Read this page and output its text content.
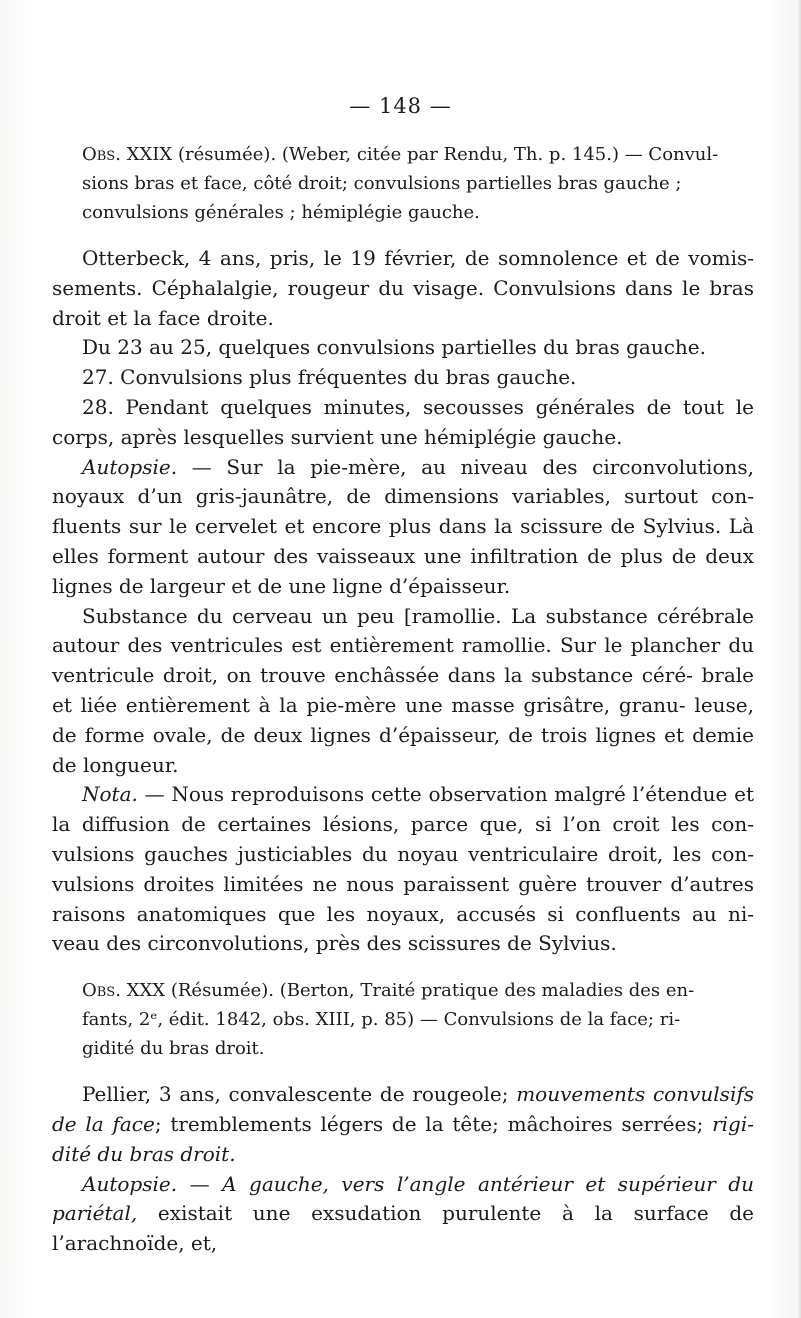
— 148 —
Obs. XXIX (résumée). (Weber, citée par Rendu, Th. p. 145.) — Convul-
sions bras et face, côté droit; convulsions partielles bras gauche ;
convulsions générales ; hémiplégie gauche.

Otterbeck, 4 ans, pris, le 19 février, de somnolence et de vomis- sements. Céphalalgie, rougeur du visage. Convulsions dans le bras droit et la face droite.

Du 23 au 25, quelques convulsions partielles du bras gauche.

27. Convulsions plus fréquentes du bras gauche.

28. Pendant quelques minutes, secousses générales de tout le corps, après lesquelles survient une hémiplégie gauche.

Autopsie. — Sur la pie-mère, au niveau des circonvolutions, noyaux d’un gris-jaunâtre, de dimensions variables, surtout con- fluents sur le cervelet et encore plus dans la scissure de Sylvius. Là elles forment autour des vaisseaux une infiltration de plus de deux lignes de largeur et de une ligne d’épaisseur.

Substance du cerveau un peu [ramollie. La substance cérébrale autour des ventricules est entièrement ramollie. Sur le plancher du ventricule droit, on trouve enchâssée dans la substance céré- brale et liée entièrement à la pie-mère une masse grisâtre, granu- leuse, de forme ovale, de deux lignes d’épaisseur, de trois lignes et demie de longueur.

Nota. — Nous reproduisons cette observation malgré l’étendue et la diffusion de certaines lésions, parce que, si l’on croit les con- vulsions gauches justiciables du noyau ventriculaire droit, les con- vulsions droites limitées ne nous paraissent guère trouver d’autres raisons anatomiques que les noyaux, accusés si confluents au ni- veau des circonvolutions, près des scissures de Sylvius.

Obs. XXX (Résumée). (Berton, Traité pratique des maladies des en-
fants, 2ᵉ, édit. 1842, obs. XIII, p. 85) — Convulsions de la face; ri-
gidité du bras droit.

Pellier, 3 ans, convalescente de rougeole; mouvements convulsifs de la face; tremblements légers de la tête; mâchoires serrées; rigi- dité du bras droit.

Autopsie. — A gauche, vers l’angle antérieur et supérieur du pariétal, existait une exsudation purulente à la surface de l’arachnoïde, et,
